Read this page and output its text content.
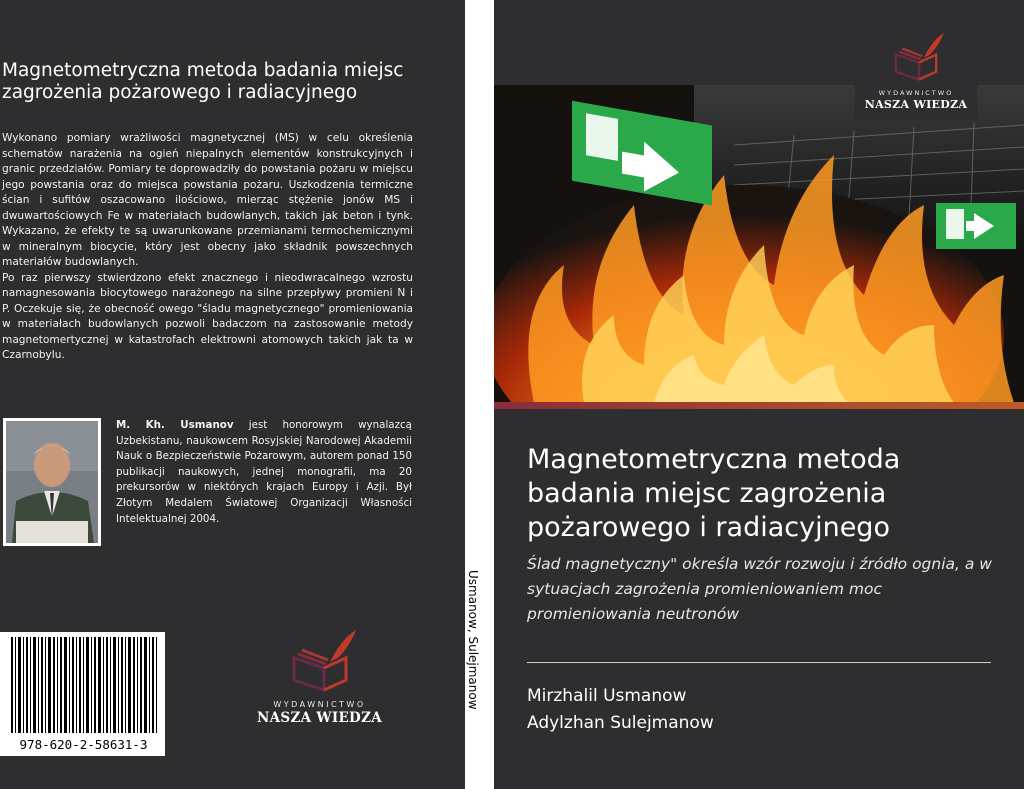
Magnetometryczna metoda badania miejsc zagrożenia pożarowego i radiacyjnego

Wykonano pomiary wrażliwości magnetycznej (MS) w celu określenia schematów narażenia na ogień niepalnych elementów konstrukcyjnych i granic przedziałów. Pomiary te doprowadziły do powstania pożaru w miejscu jego powstania oraz do miejsca powstania pożaru. Uszkodzenia termiczne ścian i sufitów oszacowano ilościowo, mierząc stężenie jonów MS i dwuwartościowych Fe w materiałach budowlanych, takich jak beton i tynk. Wykazano, że efekty te są uwarunkowane przemianami termochemicznymi w mineralnym biocycie, który jest obecny jako składnik powszechnych materiałów budowlanych.

Po raz pierwszy stwierdzono efekt znacznego i nieodwracalnego wzrostu namagnesowania biocytowego narażonego na silne przepływy promieni N i P. Oczekuje się, że obecność owego "śladu magnetycznego" promieniowania w materiałach budowlanych pozwoli badaczom na zastosowanie metody magnetomertycznej w katastrofach elektrowni atomowych takich jak ta w Czarnobylu.

M. Kh. Usmanov jest honorowym wynalazcą Uzbekistanu, naukowcem Rosyjskiej Narodowej Akademii Nauk o Bezpieczeństwie Pożarowym, autorem ponad 150 publikacji naukowych, jednej monografii, ma 20 prekursorów w niektórych krajach Europy i Azji. Był Złotym Medalem Światowej Organizacji Własności Intelektualnej 2004.
978-620-2-58631-3
WYDAWNICTWO
NASZA WIEDZA
Usmanow, Sulejmanow
WYDAWNICTWO
NASZA WIEDZA
Magnetometryczna metoda badania miejsc zagrożenia pożarowego i radiacyjnego
Ślad magnetyczny" określa wzór rozwoju i źródło ognia, a w sytuacjach zagrożenia promieniowaniem moc promieniowania neutronów
Mirzhalil Usmanow
Adylzhan Sulejmanow
